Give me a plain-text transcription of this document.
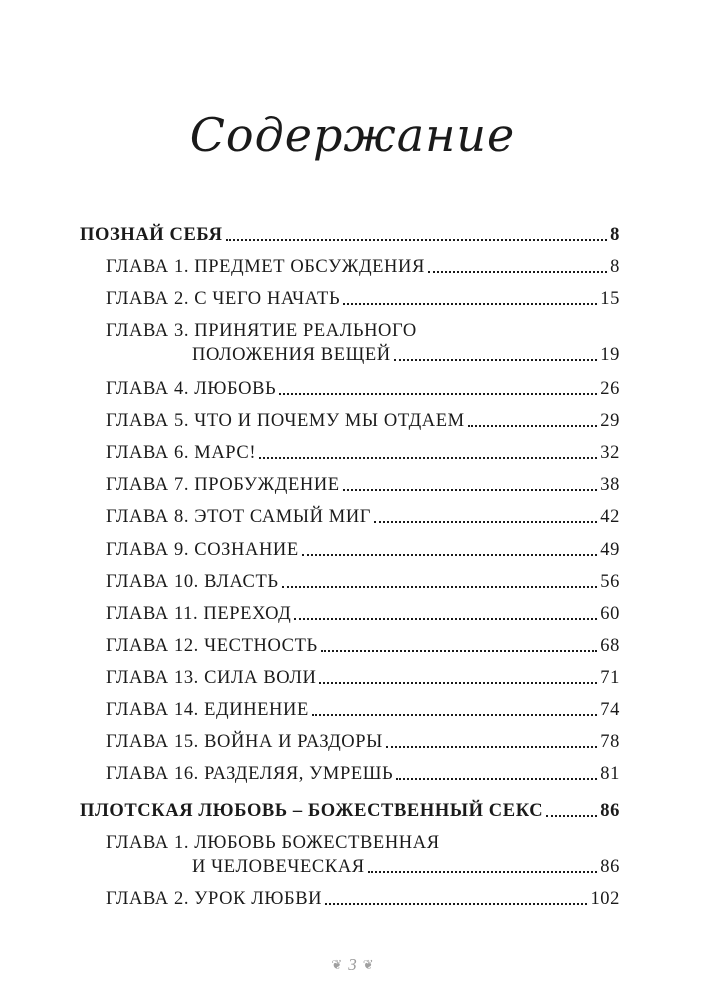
Содержание
ПОЗНАЙ СЕБЯ	8
ГЛАВА 1. ПРЕДМЕТ ОБСУЖДЕНИЯ	8
ГЛАВА 2. С ЧЕГО НАЧАТЬ	15
ГЛАВА 3. ПРИНЯТИЕ РЕАЛЬНОГО
ПОЛОЖЕНИЯ ВЕЩЕЙ	19
ГЛАВА 4. ЛЮБОВЬ	26
ГЛАВА 5. ЧТО И ПОЧЕМУ МЫ ОТДАЕМ	29
ГЛАВА 6. МАРС!	32
ГЛАВА 7. ПРОБУЖДЕНИЕ	38
ГЛАВА 8. ЭТОТ САМЫЙ МИГ	42
ГЛАВА 9. СОЗНАНИЕ	49
ГЛАВА 10. ВЛАСТЬ	56
ГЛАВА 11. ПЕРЕХОД	60
ГЛАВА 12. ЧЕСТНОСТЬ	68
ГЛАВА 13. СИЛА ВОЛИ	71
ГЛАВА 14. ЕДИНЕНИЕ	74
ГЛАВА 15. ВОЙНА И РАЗДОРЫ	78
ГЛАВА 16. РАЗДЕЛЯЯ, УМРЕШЬ	81
ПЛОТСКАЯ ЛЮБОВЬ – БОЖЕСТВЕННЫЙ СЕКС	86
ГЛАВА 1. ЛЮБОВЬ БОЖЕСТВЕННАЯ
И ЧЕЛОВЕЧЕСКАЯ	86
ГЛАВА 2. УРОК ЛЮБВИ	102
❦ 3 ❦
